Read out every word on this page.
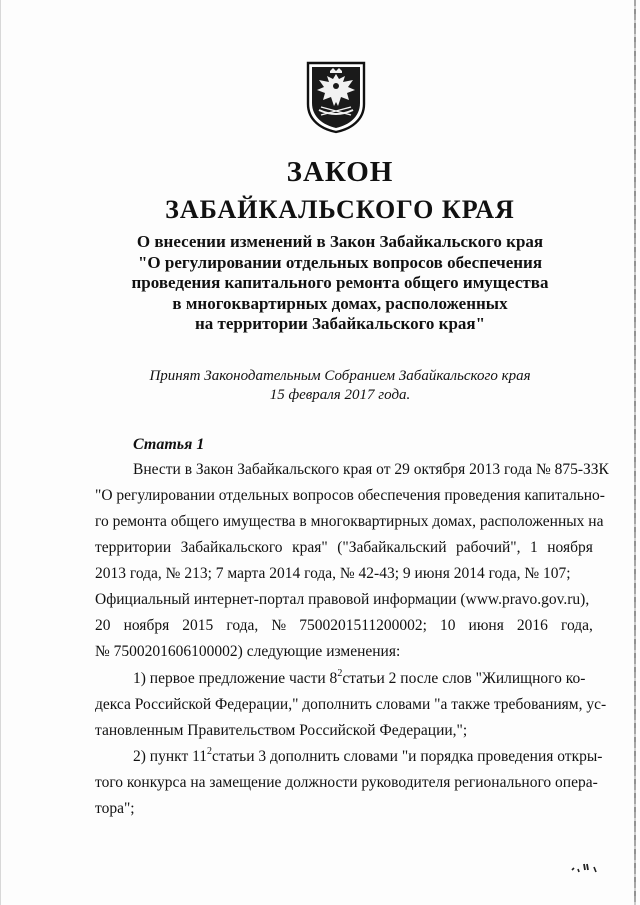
ЗАКОН
ЗАБАЙКАЛЬСКОГО КРАЯ
О внесении изменений в Закон Забайкальского края
"О регулировании отдельных вопросов обеспечения
проведения капитального ремонта общего имущества
в многоквартирных домах, расположенных
на территории Забайкальского края"
Принят Законодательным Собранием Забайкальского края
15 февраля 2017 года.
Статья 1
Внести в Закон Забайкальского края от 29 октября 2013 года № 875-ЗЗК
"О регулировании отдельных вопросов обеспечения проведения капитально-
го ремонта общего имущества в многоквартирных домах, расположенных на
территории Забайкальского края" ("Забайкальский рабочий", 1 ноября
2013 года, № 213; 7 марта 2014 года, № 42-43; 9 июня 2014 года, № 107;
Официальный интернет-портал правовой информации (www.pravo.gov.ru),
20 ноября 2015 года, № 7500201511200002; 10 июня 2016 года,
№ 7500201606100002) следующие изменения:
1) первое предложение части $8^2статьи$ 2 после слов "Жилищного ко-
декса Российской Федерации," дополнить словами "а также требованиям, ус-
тановленным Правительством Российской Федерации,";
2) пункт $11^2статьи$ 3 дополнить словами "и порядка проведения откры-
того конкурса на замещение должности руководителя регионального опера-
тора";
